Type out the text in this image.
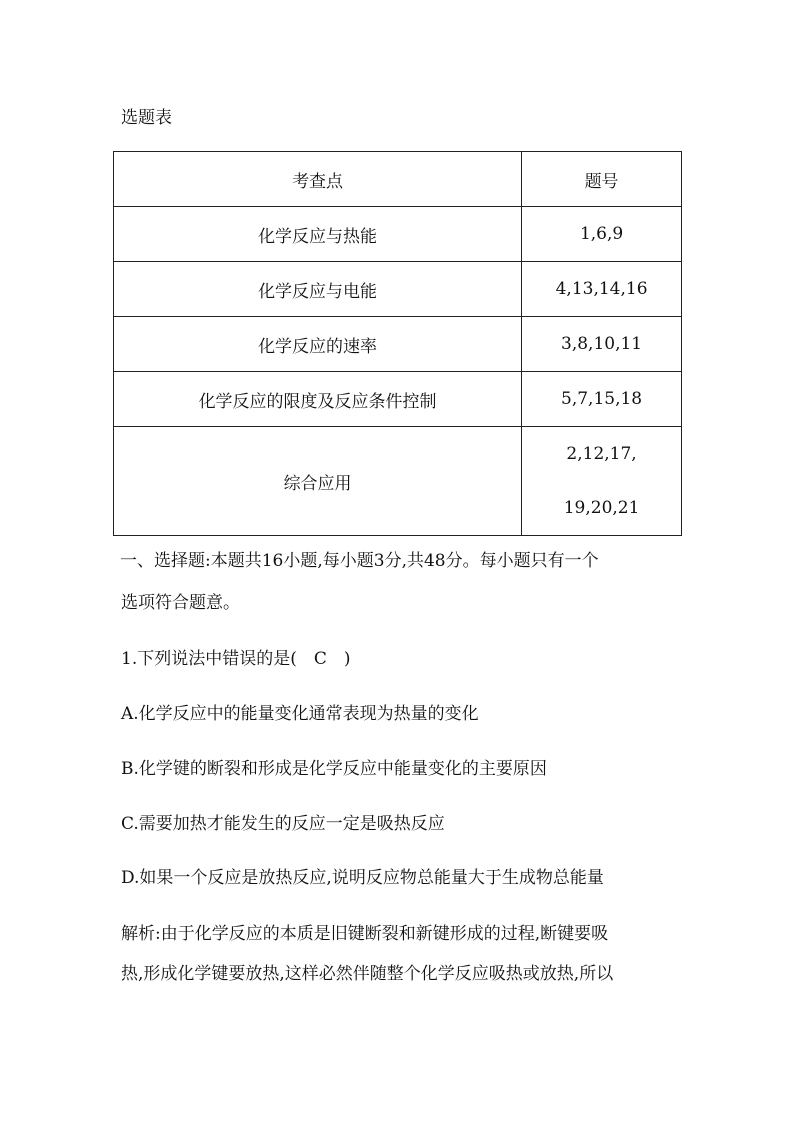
选题表
考查点	题号
化学反应与热能	1,6,9
化学反应与电能	4,13,14,16
化学反应的速率	3,8,10,11
化学反应的限度及反应条件控制	5,7,15,18
综合应用	2,12,17,
19,20,21
一、选择题:本题共16小题,每小题3分,共48分。每小题只有一个
选项符合题意。
1.下列说法中错误的是(　C　)
A.化学反应中的能量变化通常表现为热量的变化
B.化学键的断裂和形成是化学反应中能量变化的主要原因
C.需要加热才能发生的反应一定是吸热反应
D.如果一个反应是放热反应,说明反应物总能量大于生成物总能量
解析:由于化学反应的本质是旧键断裂和新键形成的过程,断键要吸
热,形成化学键要放热,这样必然伴随整个化学反应吸热或放热,所以
